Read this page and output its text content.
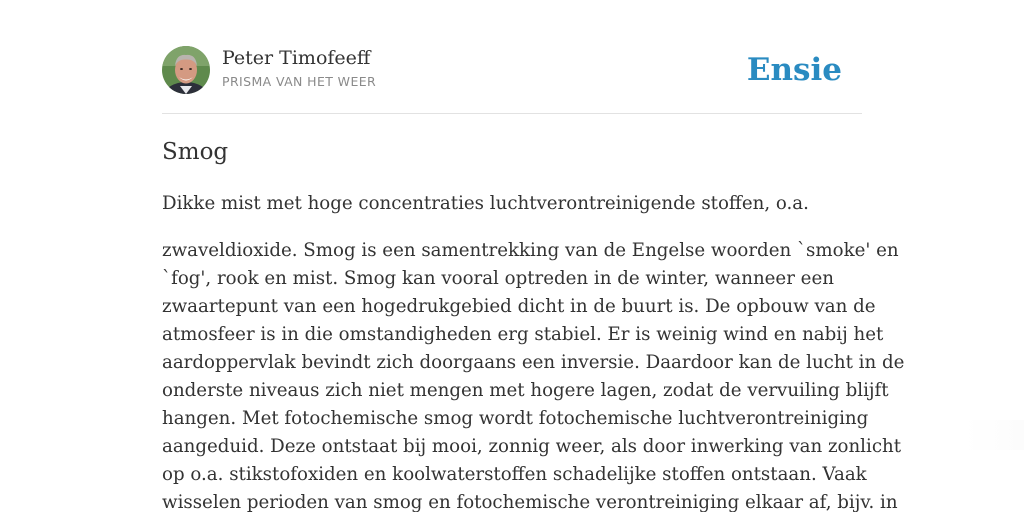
Peter Timofeeff
PRISMA VAN HET WEER	Ensie
Smog

Dikke mist met hoge concentraties luchtverontreinigende stoffen, o.a.

zwaveldioxide. Smog is een samentrekking van de Engelse woorden `smoke' en
`fog', rook en mist. Smog kan vooral optreden in de winter, wanneer een
zwaartepunt van een hogedrukgebied dicht in de buurt is. De opbouw van de
atmosfeer is in die omstandigheden erg stabiel. Er is weinig wind en nabij het
aardoppervlak bevindt zich doorgaans een inversie. Daardoor kan de lucht in de
onderste niveaus zich niet mengen met hogere lagen, zodat de vervuiling blijft
hangen. Met fotochemische smog wordt fotochemische luchtverontreiniging
aangeduid. Deze ontstaat bij mooi, zonnig weer, als door inwerking van zonlicht
op o.a. stikstofoxiden en koolwaterstoffen schadelijke stoffen ontstaan. Vaak
wisselen perioden van smog en fotochemische verontreiniging elkaar af, bijv. in
